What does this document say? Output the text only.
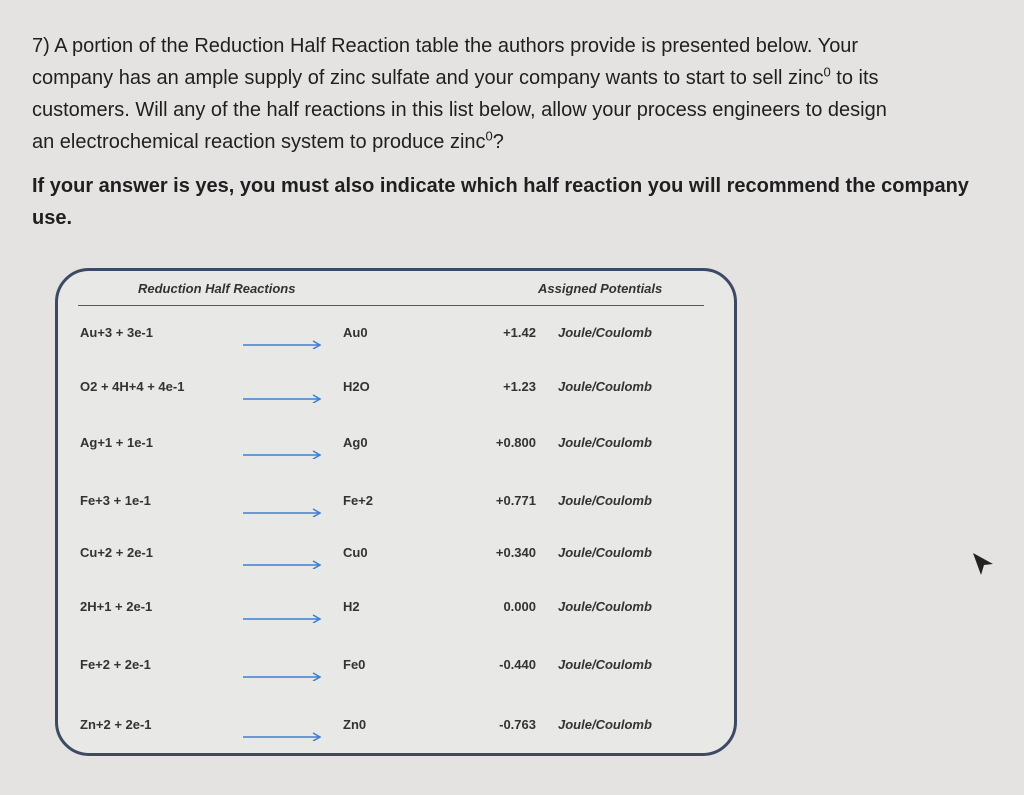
7) A portion of the Reduction Half Reaction table the authors provide is presented below. Your

company has an ample supply of zinc sulfate and your company wants to start to sell zinc$^0$ to its

customers. Will any of the half reactions in this list below, allow your process engineers to design

an electrochemical reaction system to produce zinc$^0$?

If your answer is yes, you must also indicate which half reaction you will recommend the company

use.

Reduction Half Reactions	Assigned Potentials
Au+3 + 3e-1	Au0	+1.42 Joule/Coulomb
O2 + 4H+4 + 4e-1	H2O	+1.23 Joule/Coulomb
Ag+1 + 1e-1	Ag0	+0.800 Joule/Coulomb
Fe+3 + 1e-1	Fe+2	+0.771 Joule/Coulomb
Cu+2 + 2e-1	Cu0	+0.340 Joule/Coulomb
2H+1 + 2e-1	H2	0.000 Joule/Coulomb
Fe+2 + 2e-1	Fe0	-0.440 Joule/Coulomb
Zn+2 + 2e-1	Zn0	-0.763 Joule/Coulomb
